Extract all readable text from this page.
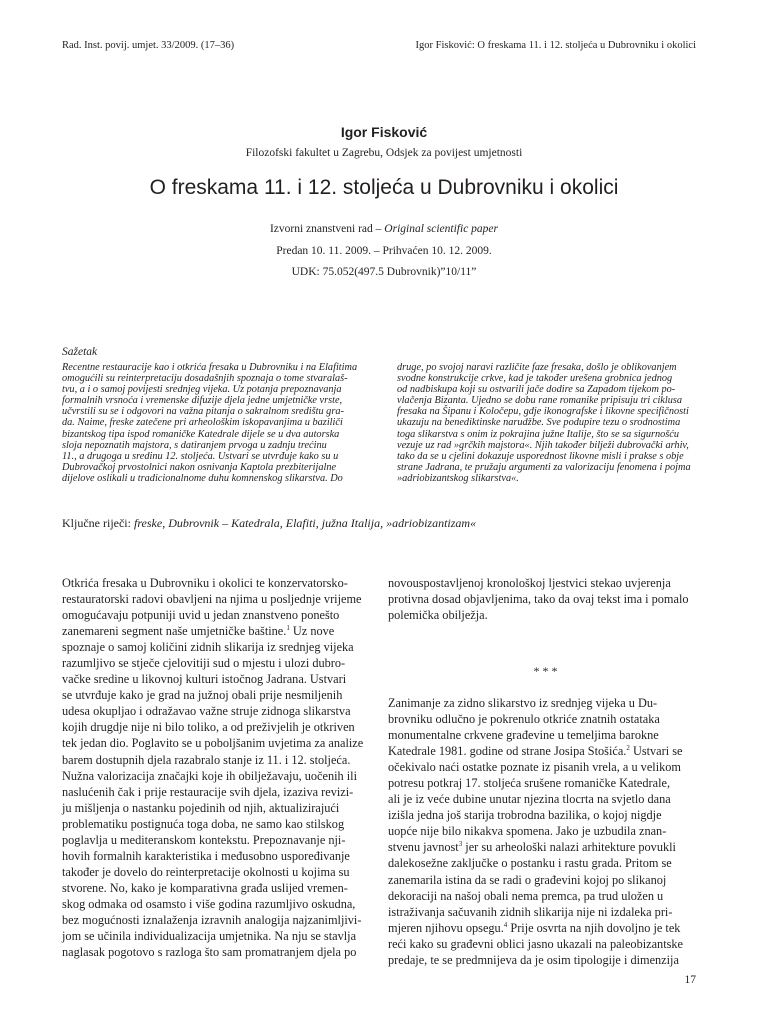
Rad. Inst. povij. umjet. 33/2009. (17–36)	Igor Fisković: O freskama 11. i 12. stoljeća u Dubrovniku i okolici
Igor Fisković
Filozofski fakultet u Zagrebu, Odsjek za povijest umjetnosti
O freskama 11. i 12. stoljeća u Dubrovniku i okolici
Izvorni znanstveni rad – Original scientific paper
Predan 10. 11. 2009. – Prihvaćen 10. 12. 2009.
UDK: 75.052(497.5 Dubrovnik)”10/11”
Sažetak
Recentne restauracije kao i otkrića fresaka u Dubrovniku i na Elafitima
omogućili su reinterpretaciju dosadašnjih spoznaja o tome stvaralaš-
tvu, a i o samoj povijesti srednjeg vijeka. Uz potanja prepoznavanja
formalnih vrsnoća i vremenske difuzije djela jedne umjetničke vrste,
učvrstili su se i odgovori na važna pitanja o sakralnom središtu gra-
da. Naime, freske zatečene pri arheološkim iskopavanjima u baziliči
bizantskog tipa ispod romaničke Katedrale dijele se u dva autorska
sloja nepoznatih majstora, s datiranjem prvoga u zadnju trećinu
11., a drugoga u sredinu 12. stoljeća. Ustvari se utvrđuje kako su u
Dubrovačkoj prvostolnici nakon osnivanja Kaptola prezbiterijalne
dijelove oslikali u tradicionalnome duhu komnenskog slikarstva. Do
druge, po svojoj naravi različite faze fresaka, došlo je oblikovanjem
svodne konstrukcije crkve, kad je također urešena grobnica jednog
od nadbiskupa koji su ostvarili jače dodire sa Zapadom tijekom po-
vlačenja Bizanta. Ujedno se dobu rane romanike pripisuju tri ciklusa
fresaka na Šipanu i Koločepu, gdje ikonografske i likovne specifičnosti
ukazuju na benediktinske narudžbe. Sve podupire tezu o srodnostima
toga slikarstva s onim iz pokrajina južne Italije, što se sa sigurnošću
vezuje uz rad »grčkih majstora«. Njih također bilježi dubrovački arhiv,
tako da se u cjelini dokazuje usporednost likovne misli i prakse s obje
strane Jadrana, te pružaju argumenti za valorizaciju fenomena i pojma
»adriobizantskog slikarstva«.
Ključne riječi: freske, Dubrovnik – Katedrala, Elafiti, južna Italija, »adriobizantizam«
Otkrića fresaka u Dubrovniku i okolici te konzervatorsko-
restauratorski radovi obavljeni na njima u posljednje vrijeme
omogućavaju potpuniji uvid u jedan znanstveno ponešto
zanemareni segment naše umjetničke baštine.$^1$ Uz nove
spoznaje o samoj količini zidnih slikarija iz srednjeg vijeka
razumljivo se stječe cjelovitiji sud o mjestu i ulozi dubro-
vačke sredine u likovnoj kulturi istočnog Jadrana. Ustvari
se utvrđuje kako je grad na južnoj obali prije nesmiljenih
udesa okupljao i odražavao važne struje zidnoga slikarstva
kojih drugdje nije ni bilo toliko, a od preživjelih je otkriven
tek jedan dio. Poglavito se u poboljšanim uvjetima za analize
barem dostupnih djela razabralo stanje iz 11. i 12. stoljeća.
Nužna valorizacija značajki koje ih obilježavaju, uočenih ili
naslućenih čak i prije restauracije svih djela, izaziva revizi-
ju mišljenja o nastanku pojedinih od njih, aktualizirajući
problematiku postignuća toga doba, ne samo kao stilskog
poglavlja u mediteranskom kontekstu. Prepoznavanje nji-
hovih formalnih karakteristika i međusobno uspoređivanje
također je dovelo do reinterpretacije okolnosti u kojima su
stvorene. No, kako je komparativna građa uslijed vremen-
skog odmaka od osamsto i više godina razumljivo oskudna,
bez mogućnosti iznalaženja izravnih analogija najzanimljivi-
jom se učinila individualizacija umjetnika. Na nju se stavlja
naglasak pogotovo s razloga što sam promatranjem djela po
novouspostavljenoj kronološkoj ljestvici stekao uvjerenja
protivna dosad objavljenima, tako da ovaj tekst ima i pomalo
polemička obilježja.
***
Zanimanje za zidno slikarstvo iz srednjeg vijeka u Du-
brovniku odlučno je pokrenulo otkriće znatnih ostataka
monumentalne crkvene građevine u temeljima barokne
Katedrale 1981. godine od strane Josipa Stošića.$^2$ Ustvari se
očekivalo naći ostatke poznate iz pisanih vrela, a u velikom
potresu potkraj 17. stoljeća srušene romaničke Katedrale,
ali je iz veće dubine unutar njezina tlocrta na svjetlo dana
izišla jedna još starija trobrodna bazilika, o kojoj nigdje
uopće nije bilo nikakva spomena. Jako je uzbudila znan-
stvenu javnost$^3$ jer su arheološki nalazi arhitekture povukli
dalekosežne zaključke o postanku i rastu grada. Pritom se
zanemarila istina da se radi o građevini kojoj po slikanoj
dekoraciji na našoj obali nema premca, pa trud uložen u
istraživanja sačuvanih zidnih slikarija nije ni izdaleka pri-
mjeren njihovu opsegu.$^4$ Prije osvrta na njih dovoljno je tek
reći kako su građevni oblici jasno ukazali na paleobizantske
predaje, te se predmnijeva da je osim tipologije i dimenzija
17
